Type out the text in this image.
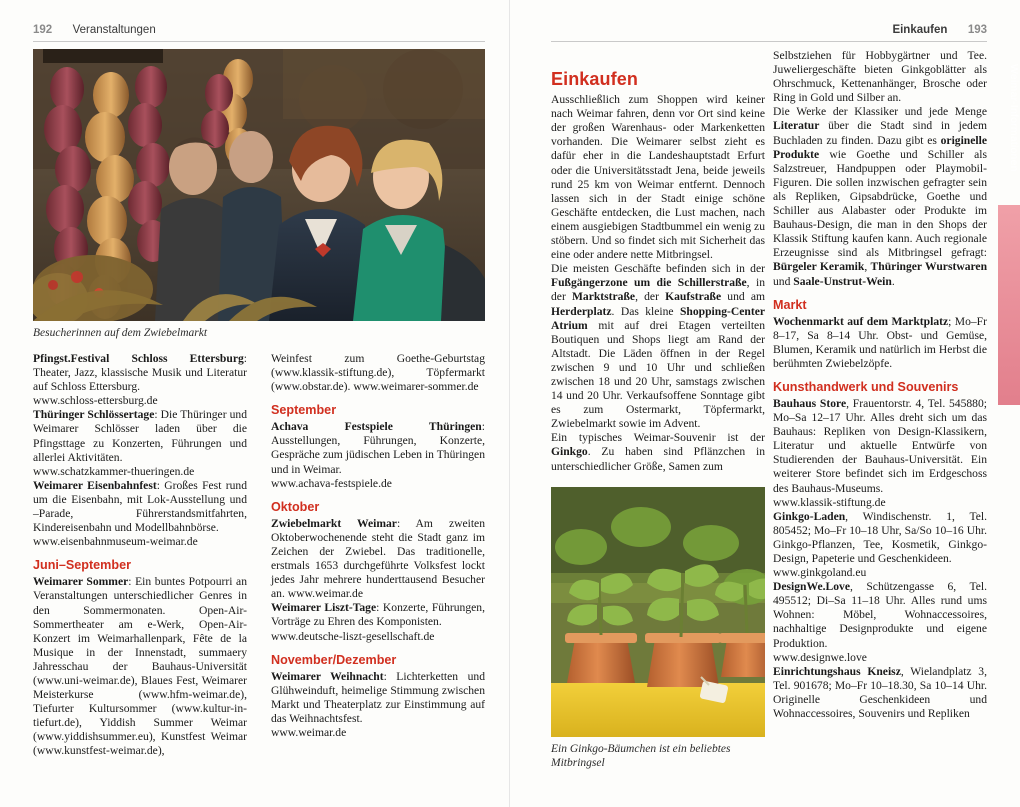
192 Veranstaltungen	Einkaufen 193
Weimar-Informationen
Besucherinnen auf dem Zwiebelmarkt
Ein Ginkgo-Bäumchen ist ein beliebtes Mitbringsel

Pfingst.Festival Schloss Ettersburg: Theater, Jazz, klassische Musik und Literatur auf Schloss Ettersburg.

www.schloss-ettersburg.de

Thüringer Schlössertage: Die Thüringer und Weimarer Schlösser laden über die Pfingsttage zu Konzerten, Führungen und allerlei Aktivitäten.

www.schatzkammer-thueringen.de

Weimarer Eisenbahnfest: Großes Fest rund um die Eisenbahn, mit Lok-Ausstellung und –Parade, Führerstandsmitfahrten, Kindereisenbahn und Modellbahnbörse.

www.eisenbahnmuseum-weimar.de

Juni–September

Weimarer Sommer: Ein buntes Potpourri an Veranstaltungen unterschiedlicher Genres in den Sommermonaten. Open-Air-Sommertheater am e-Werk, Open-Air-Konzert im Weimarhallenpark, Fête de la Musique in der Innenstadt, summaery Jahresschau der Bauhaus-Universität (www.uni-weimar.de), Blaues Fest, Weimarer Meisterkurse (www.hfm-weimar.de), Tiefurter Kultursommer (www.kultur-in-tiefurt.de), Yiddish Summer Weimar (www.yiddishsummer.eu), Kunstfest Weimar (www.kunstfest-weimar.de),

Weinfest zum Goethe-Geburtstag (www.klassik-stiftung.de), Töpfermarkt (www.obstar.de). www.weimarer-sommer.de

September

Achava Festspiele Thüringen: Ausstellungen, Führungen, Konzerte, Gespräche zum jüdischen Leben in Thüringen und in Weimar.

www.achava-festspiele.de

Oktober

Zwiebelmarkt Weimar: Am zweiten Oktoberwochenende steht die Stadt ganz im Zeichen der Zwiebel. Das traditionelle, erstmals 1653 durchgeführte Volksfest lockt jedes Jahr mehrere hunderttausend Besucher an. www.weimar.de

Weimarer Liszt-Tage: Konzerte, Führungen, Vorträge zu Ehren des Komponisten.

www.deutsche-liszt-gesellschaft.de

November/Dezember

Weimarer Weihnacht: Lichterketten und Glühweinduft, heimelige Stimmung zwischen Markt und Theaterplatz zur Einstimmung auf das Weihnachtsfest.

www.weimar.de

Einkaufen

Ausschließlich zum Shoppen wird keiner nach Weimar fahren, denn vor Ort sind keine der großen Warenhaus- oder Markenketten vorhanden. Die Weimarer selbst zieht es dafür eher in die Landeshauptstadt Erfurt oder die Universitätsstadt Jena, beide jeweils rund 25 km von Weimar entfernt. Dennoch lassen sich in der Stadt einige schöne Geschäfte entdecken, die Lust machen, nach einem ausgiebigen Stadtbummel ein wenig zu stöbern. Und so findet sich mit Sicherheit das eine oder andere nette Mitbringsel.

Die meisten Geschäfte befinden sich in der Fußgängerzone um die Schillerstraße, in der Marktstraße, der Kaufstraße und am Herderplatz. Das kleine Shopping-Center Atrium mit auf drei Etagen verteilten Boutiquen und Shops liegt am Rand der Altstadt. Die Läden öffnen in der Regel zwischen 9 und 10 Uhr und schließen zwischen 18 und 20 Uhr, samstags zwischen 14 und 20 Uhr. Verkaufsoffene Sonntage gibt es zum Ostermarkt, Töpfermarkt, Zwiebelmarkt sowie im Advent.

Ein typisches Weimar-Souvenir ist der Ginkgo. Zu haben sind Pflänzchen in unterschiedlicher Größe, Samen zum

Selbstziehen für Hobbygärtner und Tee. Juweliergeschäfte bieten Ginkgoblätter als Ohrschmuck, Kettenanhänger, Brosche oder Ring in Gold und Silber an.

Die Werke der Klassiker und jede Menge Literatur über die Stadt sind in jedem Buchladen zu finden. Dazu gibt es originelle Produkte wie Goethe und Schiller als Salzstreuer, Handpuppen oder Playmobil-Figuren. Die sollen inzwischen gefragter sein als Repliken, Gipsabdrücke, Goethe und Schiller aus Alabaster oder Produkte im Bauhaus-Design, die man in den Shops der Klassik Stiftung kaufen kann. Auch regionale Erzeugnisse sind als Mitbringsel gefragt: Bürgeler Keramik, Thüringer Wurstwaren und Saale-Unstrut-Wein.

Markt

Wochenmarkt auf dem Marktplatz; Mo–Fr 8–17, Sa 8–14 Uhr. Obst- und Gemüse, Blumen, Keramik und natürlich im Herbst die berühmten Zwiebelzöpfe.

Kunsthandwerk und Souvenirs

Bauhaus Store, Frauentorstr. 4, Tel. 545880; Mo–Sa 12–17 Uhr. Alles dreht sich um das Bauhaus: Repliken von Design-Klassikern, Literatur und aktuelle Entwürfe von Studierenden der Bauhaus-Universität. Ein weiterer Store befindet sich im Erdgeschoss des Bauhaus-Museums.

www.klassik-stiftung.de

Ginkgo-Laden, Windischenstr. 1, Tel. 805452; Mo–Fr 10–18 Uhr, Sa/So 10–16 Uhr. Ginkgo-Pflanzen, Tee, Kosmetik, Ginkgo-Design, Papeterie und Geschenkideen.

www.ginkgoland.eu

DesignWe.Love, Schützengasse 6, Tel. 495512; Di–Sa 11–18 Uhr. Alles rund ums Wohnen: Möbel, Wohnaccessoires, nachhaltige Designprodukte und eigene Produktion.

www.designwe.love

Einrichtungshaus Kneisz, Wielandplatz 3, Tel. 901678; Mo–Fr 10–18.30, Sa 10–14 Uhr. Originelle Geschenkideen und Wohnaccessoires, Souvenirs und Repliken
